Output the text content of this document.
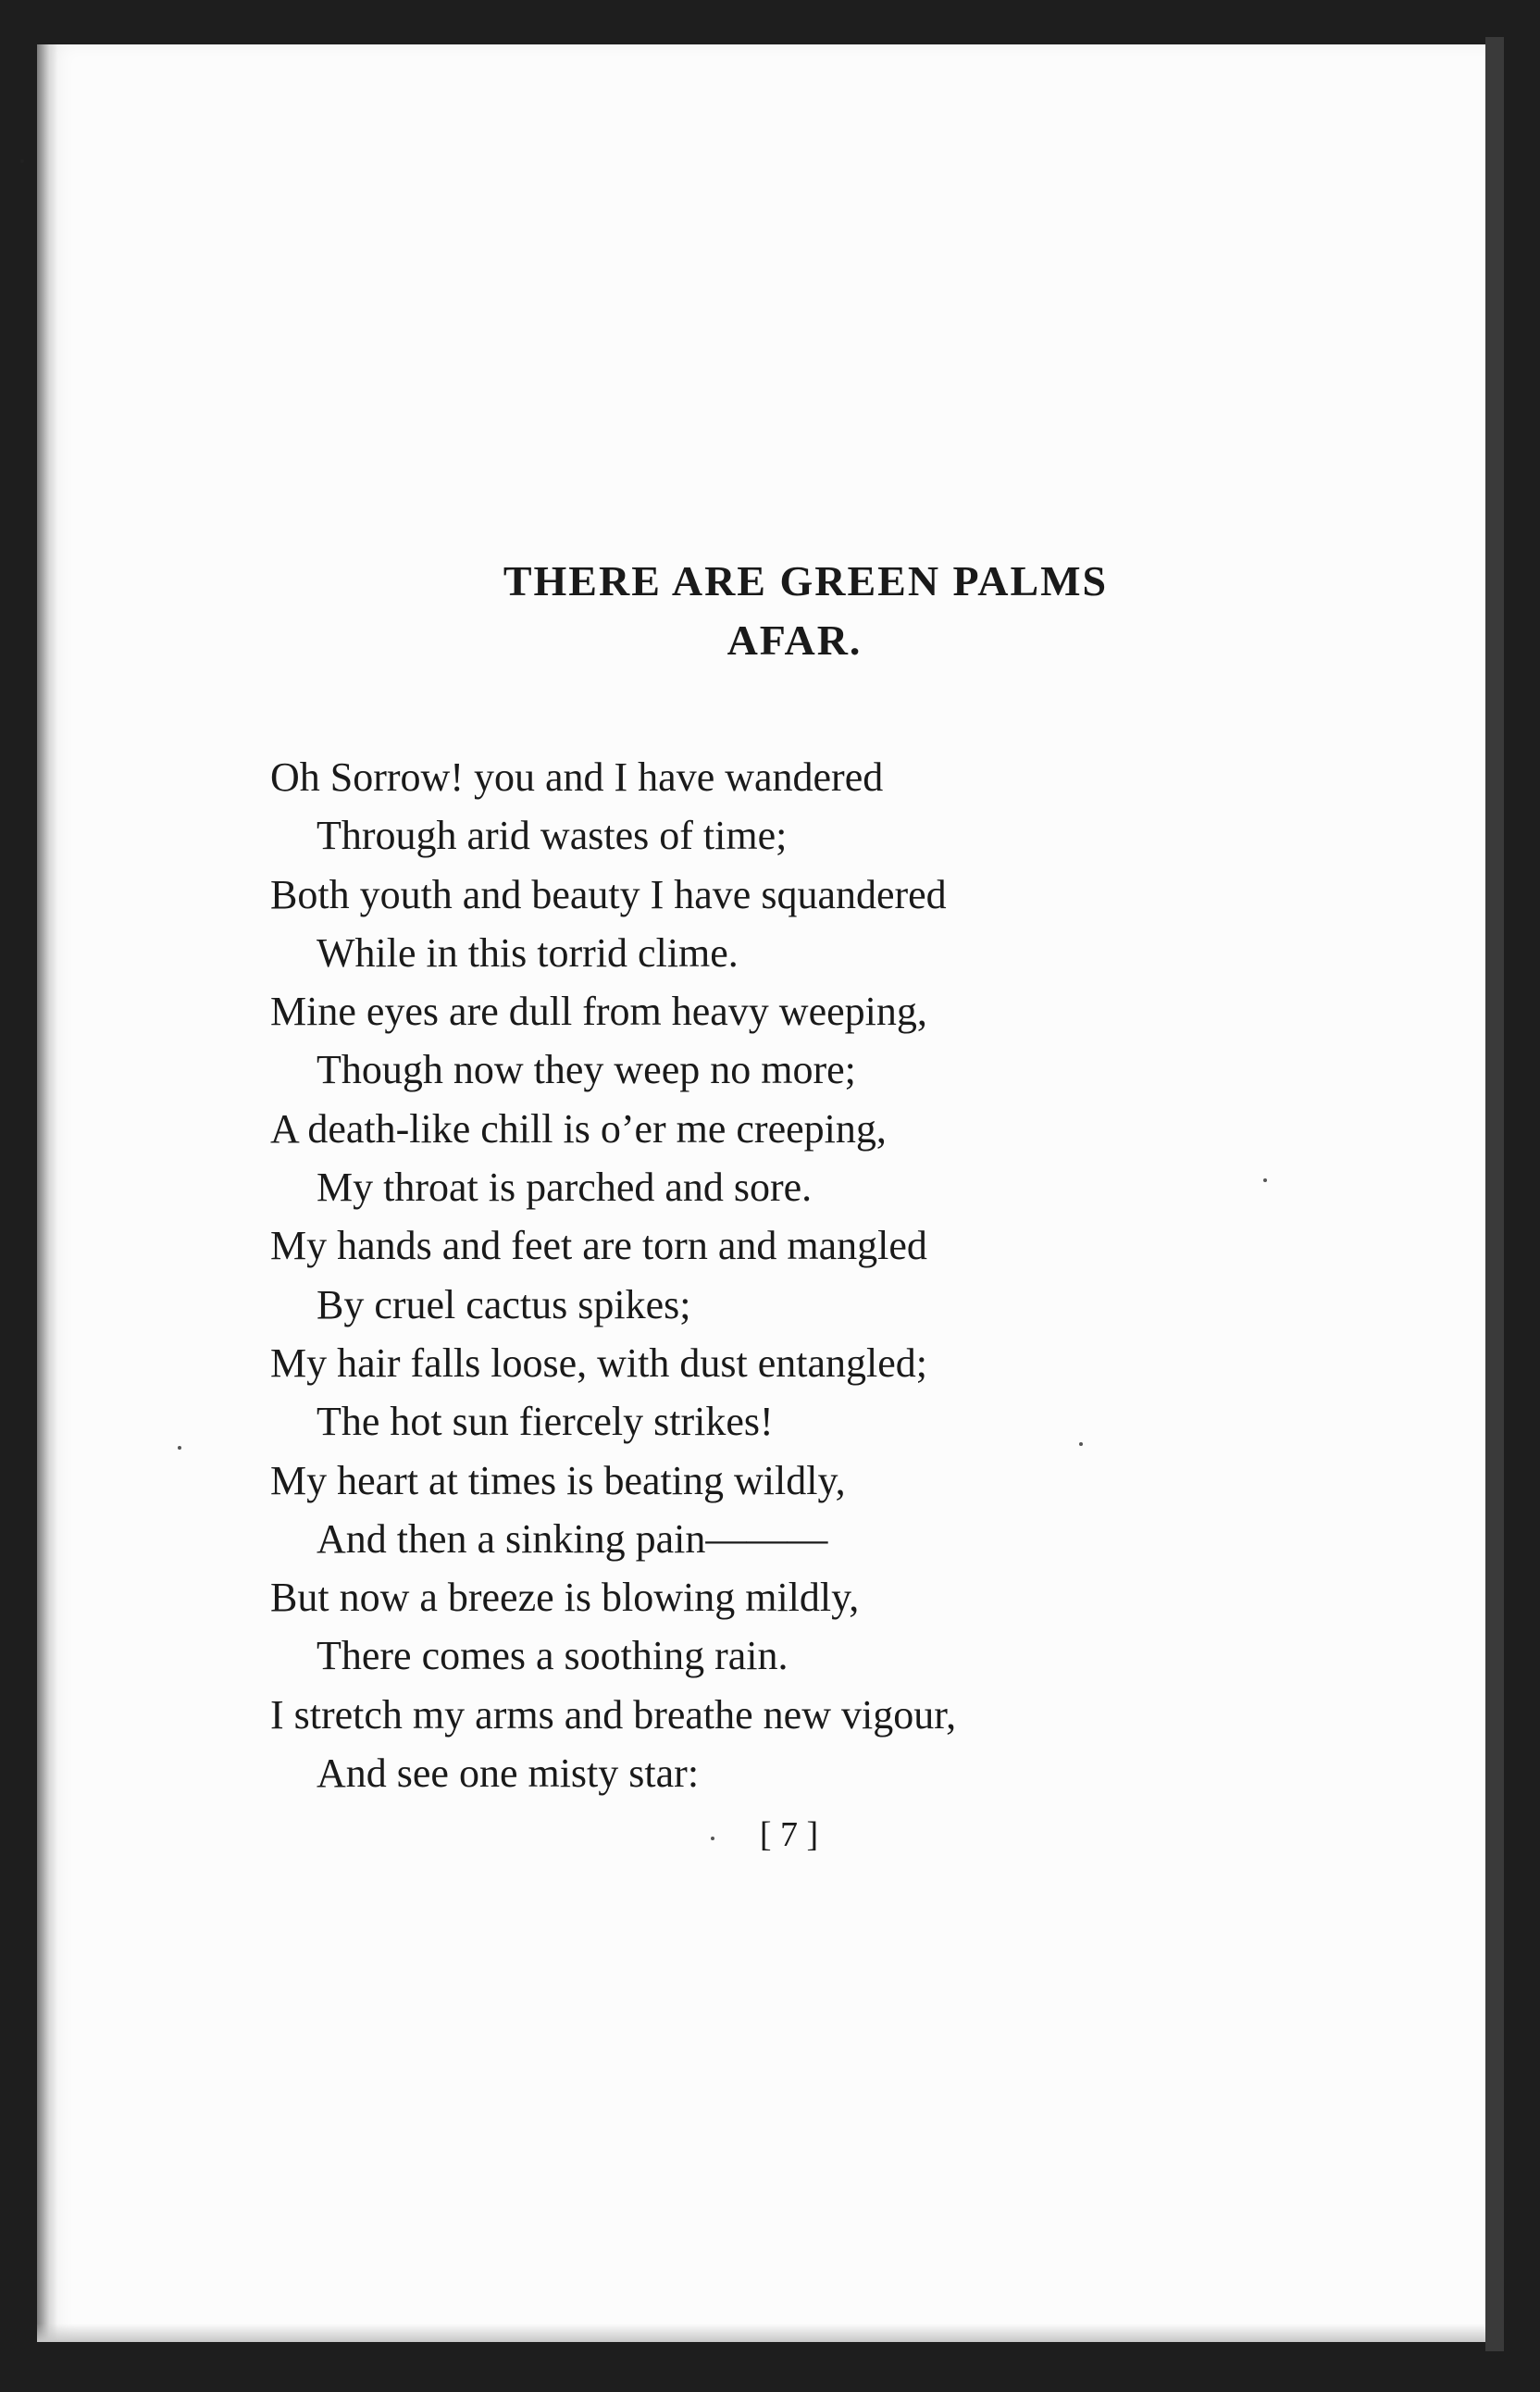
THERE ARE GREEN PALMS
AFAR.
Oh Sorrow! you and I have wandered
Through arid wastes of time;
Both youth and beauty I have squandered
While in this torrid clime.
Mine eyes are dull from heavy weeping,
Though now they weep no more;
A death-like chill is o’er me creeping,
My throat is parched and sore.
My hands and feet are torn and mangled
By cruel cactus spikes;
My hair falls loose, with dust entangled;
The hot sun fiercely strikes!
My heart at times is beating wildly,
And then a sinking pain———
But now a breeze is blowing mildly,
There comes a soothing rain.
I stretch my arms and breathe new vigour,
And see one misty star:
[ 7 ]
